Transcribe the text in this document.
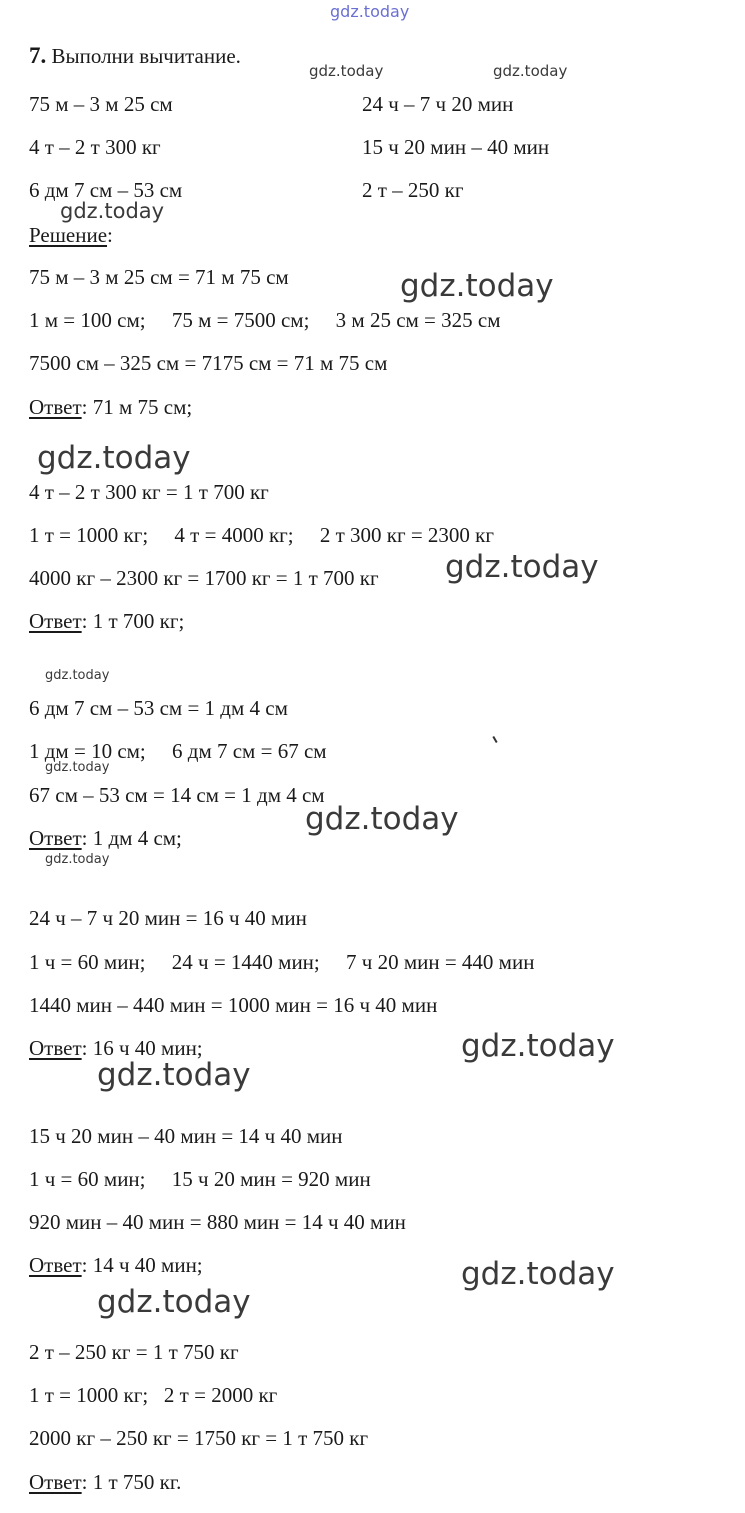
gdz.today
7. Выполни вычитание.
75 м – 3 м 25 см	24 ч – 7 ч 20 мин
4 т – 2 т 300 кг	15 ч 20 мин – 40 мин
6 дм 7 см – 53 см	2 т – 250 кг
Решение:
75 м – 3 м 25 см = 71 м 75 см
1 м = 100 см;     75 м = 7500 см;     3 м 25 см = 325 см
7500 см – 325 см = 7175 см = 71 м 75 см
Ответ: 71 м 75 см;
4 т – 2 т 300 кг = 1 т 700 кг
1 т = 1000 кг;     4 т = 4000 кг;     2 т 300 кг = 2300 кг
4000 кг – 2300 кг = 1700 кг = 1 т 700 кг
Ответ: 1 т 700 кг;
6 дм 7 см – 53 см = 1 дм 4 см
1 дм = 10 см;     6 дм 7 см = 67 см
67 см – 53 см = 14 см = 1 дм 4 см
Ответ: 1 дм 4 см;
24 ч – 7 ч 20 мин = 16 ч 40 мин
1 ч = 60 мин;     24 ч = 1440 мин;     7 ч 20 мин = 440 мин
1440 мин – 440 мин = 1000 мин = 16 ч 40 мин
Ответ: 16 ч 40 мин;
15 ч 20 мин – 40 мин = 14 ч 40 мин
1 ч = 60 мин;     15 ч 20 мин = 920 мин
920 мин – 40 мин = 880 мин = 14 ч 40 мин
Ответ: 14 ч 40 мин;
2 т – 250 кг = 1 т 750 кг
1 т = 1000 кг;   2 т = 2000 кг
2000 кг – 250 кг = 1750 кг = 1 т 750 кг
Ответ: 1 т 750 кг.
gdz.today	gdz.today
gdz.today
gdz.today
gdz.today
gdz.today
gdz.today
gdz.today
gdz.today
gdz.today
gdz.today
gdz.today
gdz.today
gdz.today
